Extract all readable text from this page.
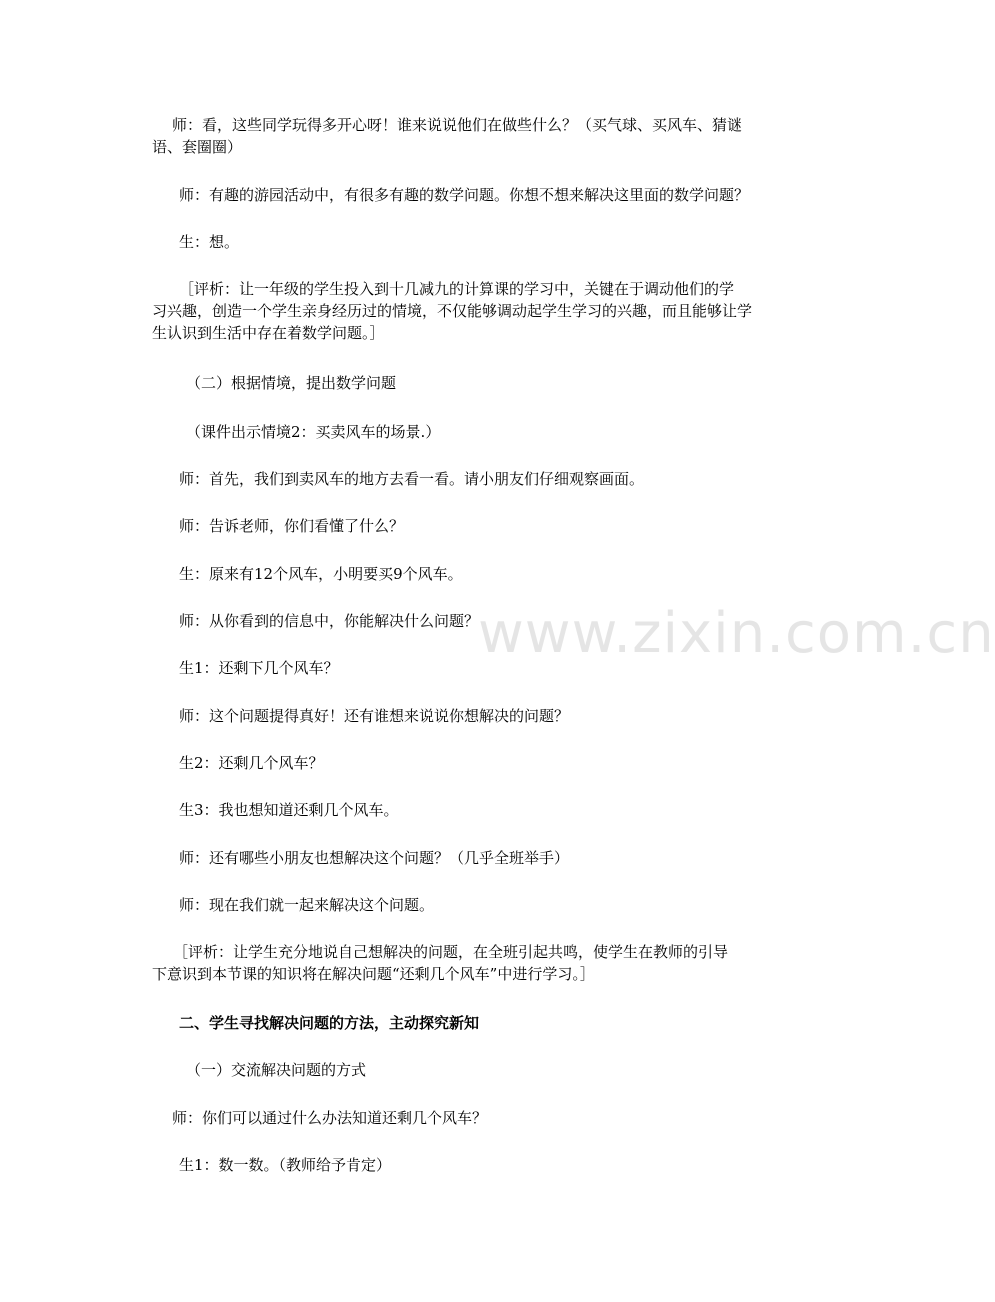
师：看，这些同学玩得多开心呀！谁来说说他们在做些什么？（买气球、买风车、猜谜
语、套圈圈）
师：有趣的游园活动中，有很多有趣的数学问题。你想不想来解决这里面的数学问题？
生：想。
［评析：让一年级的学生投入到十几减九的计算课的学习中，关键在于调动他们的学
习兴趣，创造一个学生亲身经历过的情境，不仅能够调动起学生学习的兴趣，而且能够让学
生认识到生活中存在着数学问题。］
（二）根据情境，提出数学问题
（课件出示情境2：买卖风车的场景.）
师：首先，我们到卖风车的地方去看一看。请小朋友们仔细观察画面。
师：告诉老师，你们看懂了什么？
生：原来有12个风车，小明要买9个风车。
师：从你看到的信息中，你能解决什么问题？
生1：还剩下几个风车？
师：这个问题提得真好！还有谁想来说说你想解决的问题？
生2：还剩几个风车？
生3：我也想知道还剩几个风车。
师：还有哪些小朋友也想解决这个问题？（几乎全班举手）
师：现在我们就一起来解决这个问题。
［评析：让学生充分地说自己想解决的问题，在全班引起共鸣，使学生在教师的引导
下意识到本节课的知识将在解决问题“还剩几个风车”中进行学习。］
二、学生寻找解决问题的方法，主动探究新知
（一）交流解决问题的方式
师：你们可以通过什么办法知道还剩几个风车？
生1：数一数。（教师给予肯定）
www.zixin.com.cn
